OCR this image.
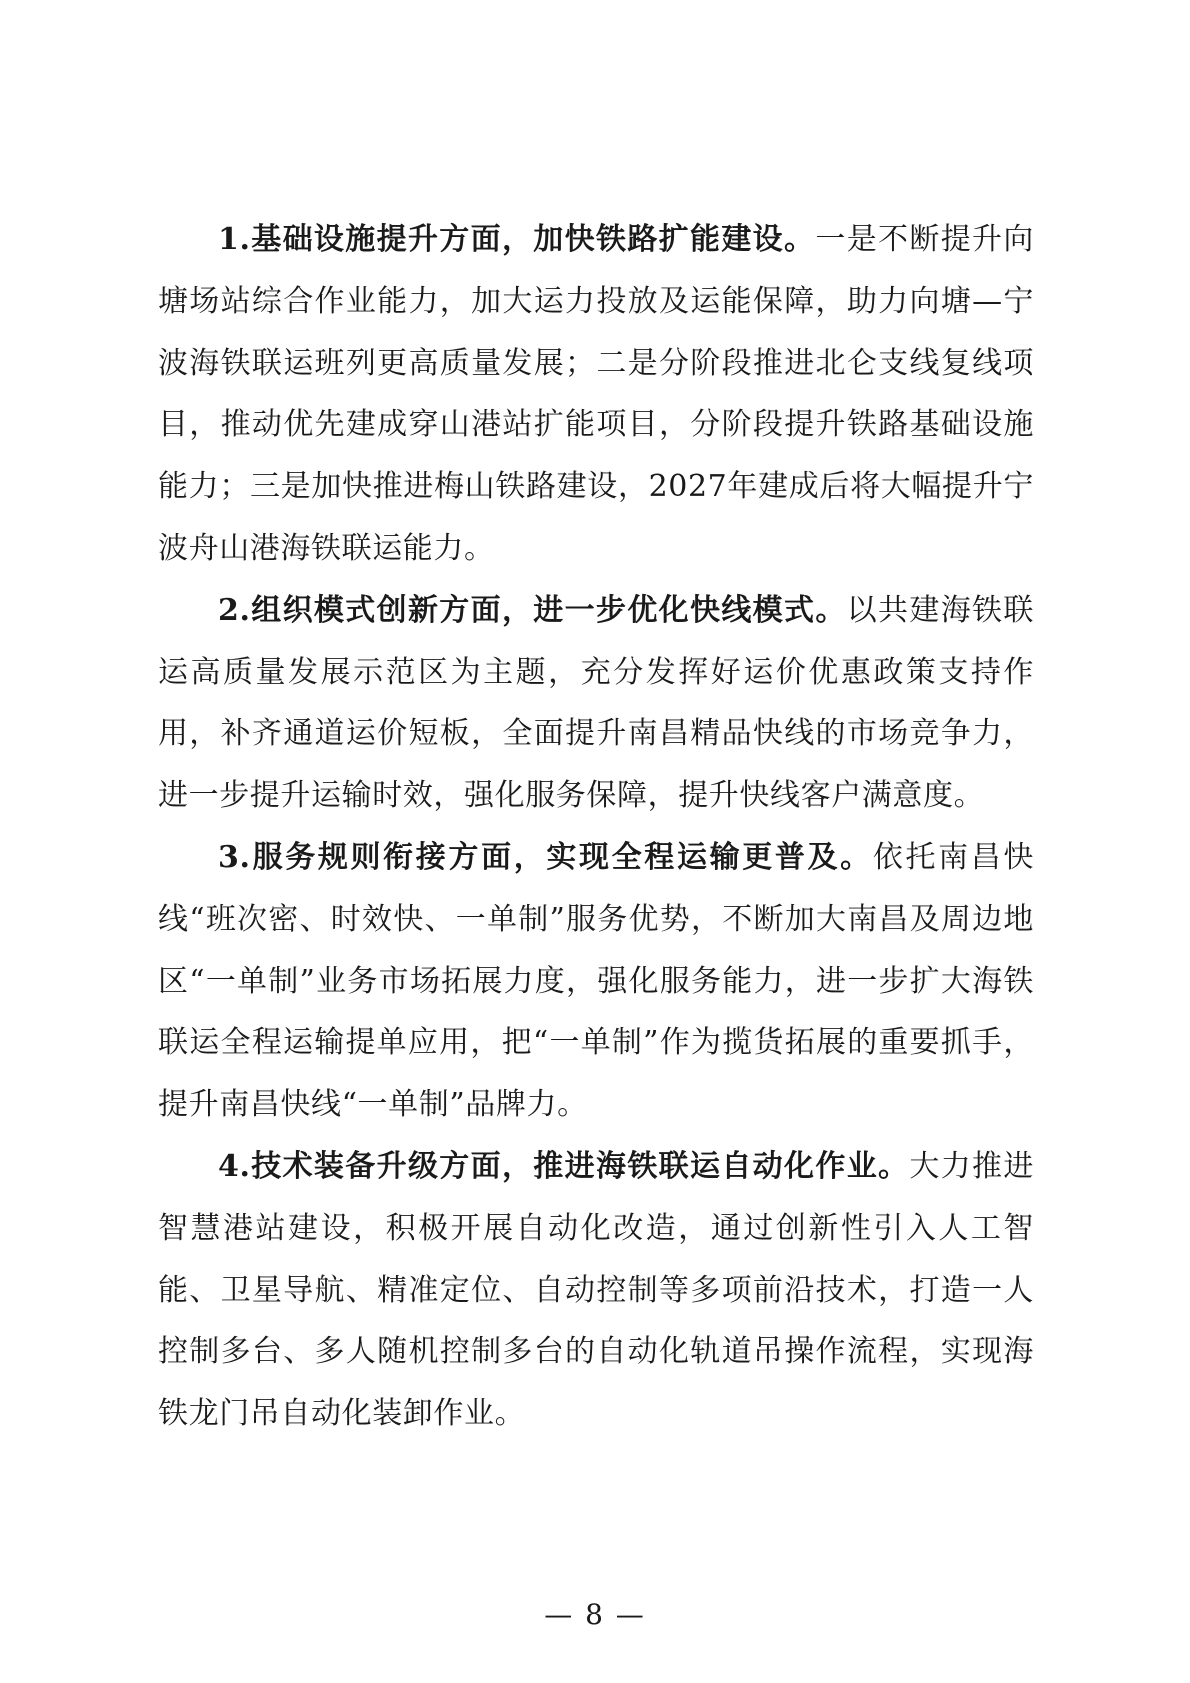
1.基础设施提升方面，加快铁路扩能建设。一是不断提升向塘场站综合作业能力，加大运力投放及运能保障，助力向塘—宁波海铁联运班列更高质量发展；二是分阶段推进北仑支线复线项目，推动优先建成穿山港站扩能项目，分阶段提升铁路基础设施能力；三是加快推进梅山铁路建设，2027年建成后将大幅提升宁波舟山港海铁联运能力。

2.组织模式创新方面，进一步优化快线模式。以共建海铁联运高质量发展示范区为主题，充分发挥好运价优惠政策支持作用，补齐通道运价短板，全面提升南昌精品快线的市场竞争力，进一步提升运输时效，强化服务保障，提升快线客户满意度。

3.服务规则衔接方面，实现全程运输更普及。依托南昌快线“班次密、时效快、一单制”服务优势，不断加大南昌及周边地区“一单制”业务市场拓展力度，强化服务能力，进一步扩大海铁联运全程运输提单应用，把“一单制”作为揽货拓展的重要抓手，提升南昌快线“一单制”品牌力。

4.技术装备升级方面，推进海铁联运自动化作业。大力推进智慧港站建设，积极开展自动化改造，通过创新性引入人工智能、卫星导航、精准定位、自动控制等多项前沿技术，打造一人控制多台、多人随机控制多台的自动化轨道吊操作流程，实现海铁龙门吊自动化装卸作业。

— 8 —
